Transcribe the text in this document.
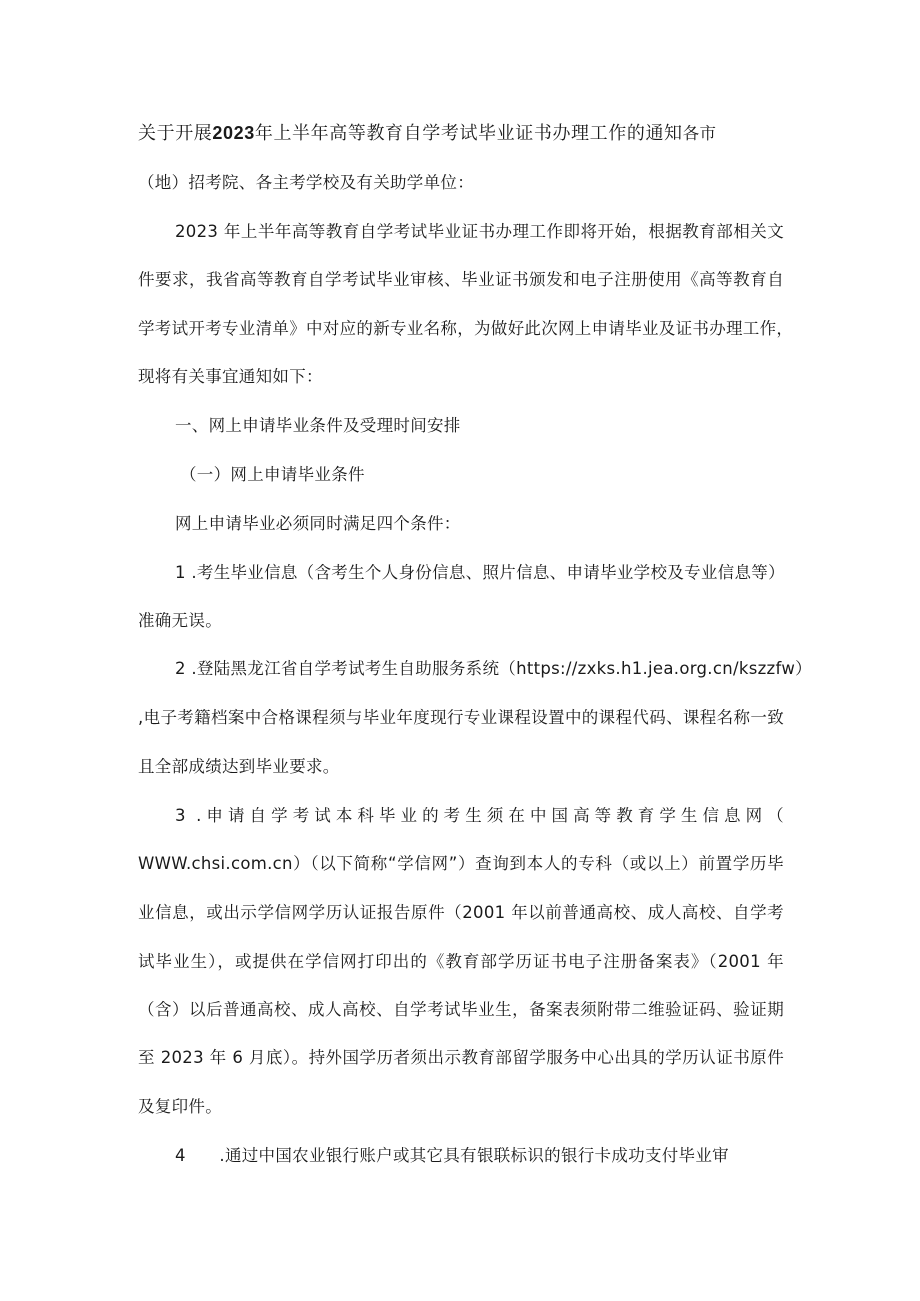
关于开展2023年上半年高等教育自学考试毕业证书办理工作的通知各市
（地）招考院、各主考学校及有关助学单位：
2023 年上半年高等教育自学考试毕业证书办理工作即将开始，根据教育部相关文
件要求，我省高等教育自学考试毕业审核、毕业证书颁发和电子注册使用《高等教育自
学考试开考专业清单》中对应的新专业名称，为做好此次网上申请毕业及证书办理工作，
现将有关事宜通知如下：
一、网上申请毕业条件及受理时间安排
（一）网上申请毕业条件
网上申请毕业必须同时满足四个条件：
1 .考生毕业信息（含考生个人身份信息、照片信息、申请毕业学校及专业信息等）
准确无误。
2 .登陆黑龙江省自学考试考生自助服务系统（https://zxks.h1.jea.org.cn/kszzfw）
,电子考籍档案中合格课程须与毕业年度现行专业课程设置中的课程代码、课程名称一致
且全部成绩达到毕业要求。
3 .申请自学考试本科毕业的考生须在中国高等教育学生信息网（
WWW.chsi.com.cn）（以下简称“学信网”）查询到本人的专科（或以上）前置学历毕
业信息，或出示学信网学历认证报告原件（2001 年以前普通高校、成人高校、自学考
试毕业生），或提供在学信网打印出的《教育部学历证书电子注册备案表》（2001 年
（含）以后普通高校、成人高校、自学考试毕业生，备案表须附带二维验证码、验证期
至 2023 年 6 月底）。持外国学历者须出示教育部留学服务中心出具的学历认证书原件
及复印件。
4　　.通过中国农业银行账户或其它具有银联标识的银行卡成功支付毕业审
